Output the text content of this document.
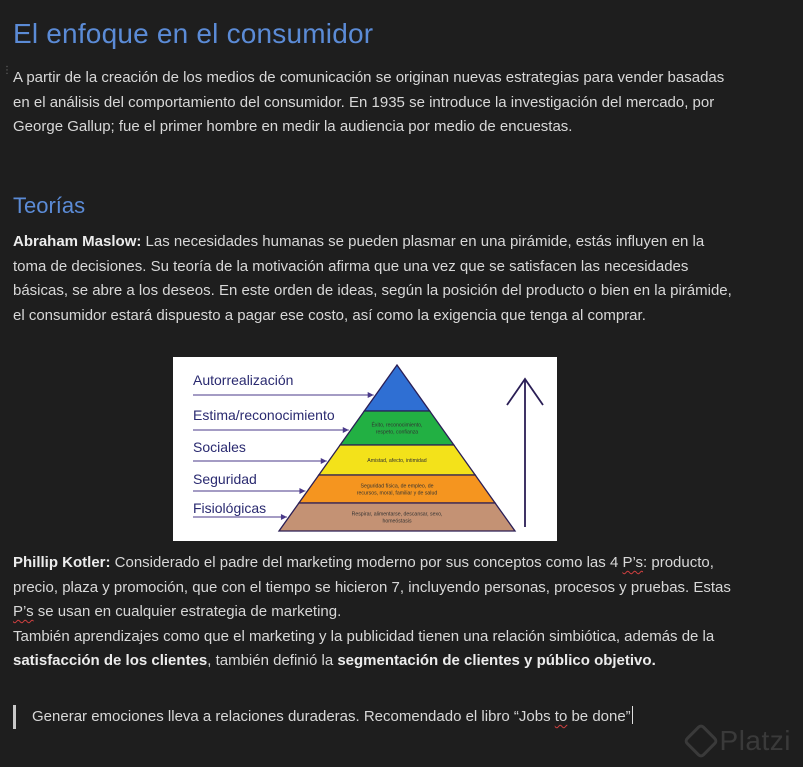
⋮
El enfoque en el consumidor

A partir de la creación de los medios de comunicación se originan nuevas estrategias para vender basadas en el análisis del comportamiento del consumidor. En 1935 se introduce la investigación del mercado, por George Gallup; fue el primer hombre en medir la audiencia por medio de encuestas.

Teorías

Abraham Maslow: Las necesidades humanas se pueden plasmar en una pirámide, estás influyen en la toma de decisiones. Su teoría de la motivación afirma que una vez que se satisfacen las necesidades básicas, se abre a los deseos. En este orden de ideas, según la posición del producto o bien en la pirámide, el consumidor estará dispuesto a pagar ese costo, así como la exigencia que tenga al comprar.

Éxito, reconocimiento,
respeto, confianza
Amistad, afecto, intimidad
Seguridad física, de empleo, de
recursos, moral, familiar y de salud
Respirar, alimentarse, descansar, sexo,
homeóstasis
Autorrealización
Estima/reconocimiento
Sociales
Seguridad
Fisiológicas

Phillip Kotler: Considerado el padre del marketing moderno por sus conceptos como las 4 P’s: producto, precio, plaza y promoción, que con el tiempo se hicieron 7, incluyendo personas, procesos y pruebas. Estas P’s se usan en cualquier estrategia de marketing.
También aprendizajes como que el marketing y la publicidad tienen una relación simbiótica, además de la satisfacción de los clientes, también definió la segmentación de clientes y público objetivo.

Generar emociones lleva a relaciones duraderas. Recomendado el libro “Jobs to be done”
Platzi
